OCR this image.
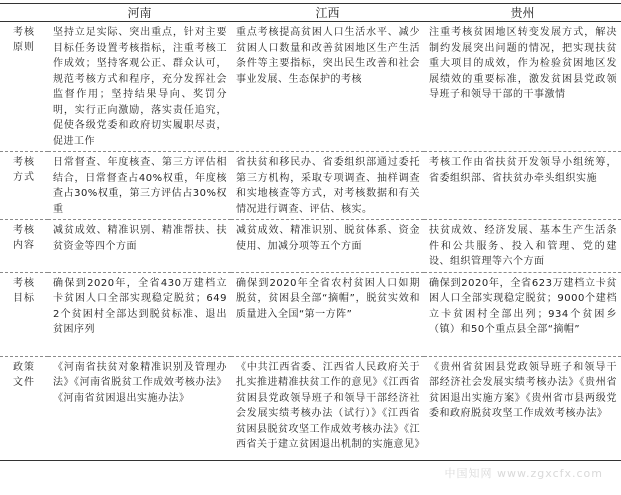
	河南	江西	贵州

考核
原则	坚持立足实际、突出重点，针对主要目标任务设置考核指标，注重考核工作成效；坚持客观公正、群众认可，规范考核方式和程序，充分发挥社会监督作用；坚持结果导向、奖罚分明，实行正向激励，落实责任追究，促使各级党委和政府切实履职尽责，促进工作	重点考核提高贫困人口生活水平、减少贫困人口数量和改善贫困地区生产生活条件等主要指标，突出民生改善和社会事业发展、生态保护的考核	注重考核贫困地区转变发展方式，解决制约发展突出问题的情况，把实现扶贫重大项目的成效，作为检验贫困地区发展绩效的重要标准，激发贫困县党政领导班子和领导干部的干事激情

考核
方式	日常督查、年度核查、第三方评估相结合，日常督查占40%权重，年度核查占30%权重，第三方评估占30%权重	省扶贫和移民办、省委组织部通过委托第三方机构，采取专项调查、抽样调查和实地核查等方式，对考核数据和有关情况进行调查、评估、核实。	考核工作由省扶贫开发领导小组统筹，省委组织部、省扶贫办牵头组织实施

考核
内容	减贫成效、精准识别、精准帮扶、扶贫资金等四个方面	减贫成效、精准识别、脱贫体系、资金使用、加减分项等五个方面	扶贫成效、经济发展、基本生产生活条件和公共服务、投入和管理、党的建设、组织管理等六个方面

考核
目标	确保到2020年，全省430万建档立卡贫困人口全部实现稳定脱贫；6492个贫困村全部达到脱贫标准、退出贫困序列	确保到2020年全省农村贫困人口如期脱贫，贫困县全部“摘帽”，脱贫实效和质量进入全国“第一方阵”	确保到2020年，全省623万建档立卡贫困人口全部实现稳定脱贫；9000个建档立卡贫困村全部出列；934个贫困乡（镇）和50个重点县全部“摘帽”

政策
文件	《河南省扶贫对象精准识别及管理办法》《河南省脱贫工作成效考核办法》《河南省贫困退出实施办法》	《中共江西省委、江西省人民政府关于扎实推进精准扶贫工作的意见》《江西省贫困县党政领导班子和领导干部经济社会发展实绩考核办法（试行）》《江西省贫困县脱贫攻坚工作成效考核办法》《江西省关于建立贫困退出机制的实施意见》	《贵州省贫困县党政领导班子和领导干部经济社会发展实绩考核办法》《贵州省贫困退出实施方案》《贵州省市县两级党委和政府脱贫攻坚工作成效考核办法》
中国知网 www.zgxcfx.com
